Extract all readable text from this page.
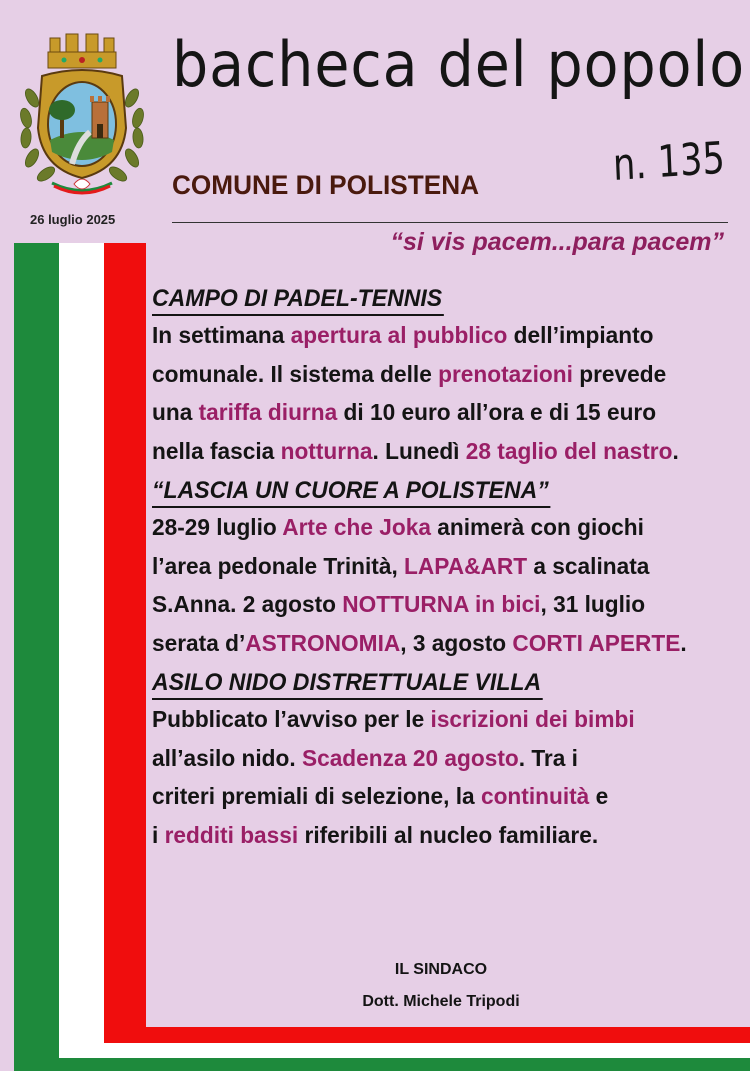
26 luglio 2025
bacheca del popolo
n. 135
COMUNE DI POLISTENA
“si vis pacem...para pacem”
CAMPO DI PADEL-TENNIS
In settimana apertura al pubblico dell’impianto
comunale. Il sistema delle prenotazioni prevede
una tariffa diurna di 10 euro all’ora e di 15 euro
nella fascia notturna. Lunedì 28 taglio del nastro.
“LASCIA UN CUORE A POLISTENA”
28-29 luglio Arte che Joka animerà con giochi
l’area pedonale Trinità, LAPA&ART a scalinata
S.Anna. 2 agosto NOTTURNA in bici, 31 luglio
serata d’ASTRONOMIA, 3 agosto CORTI APERTE.
ASILO NIDO DISTRETTUALE VILLA
Pubblicato l’avviso per le iscrizioni dei bimbi
all’asilo nido. Scadenza 20 agosto. Tra i
criteri premiali di selezione, la continuità e
i redditi bassi riferibili al nucleo familiare.
IL SINDACO
Dott. Michele Tripodi
